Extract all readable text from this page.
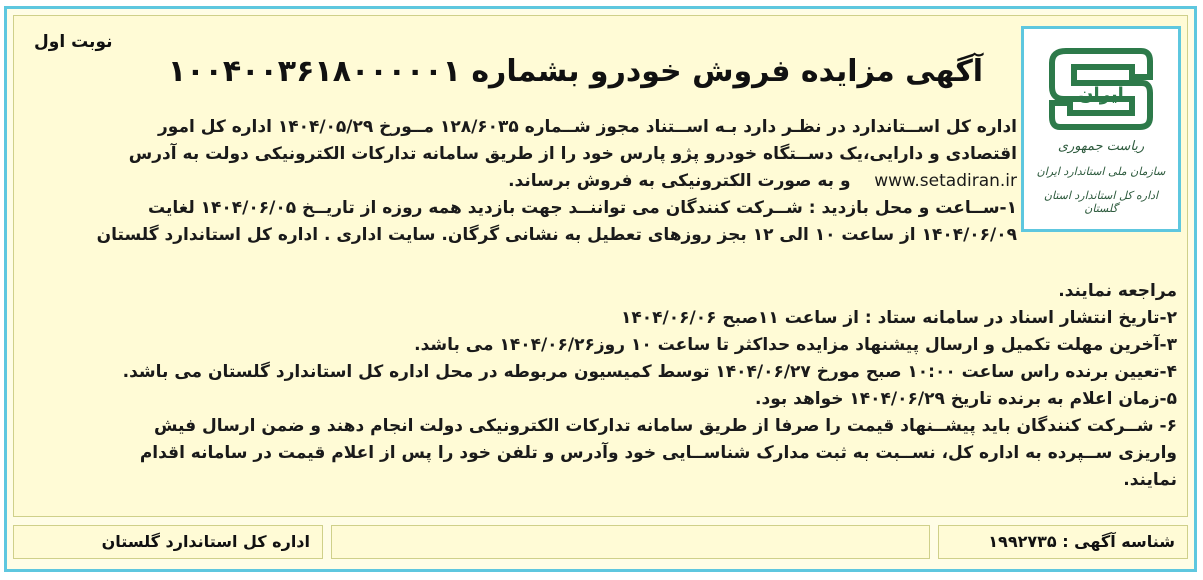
ایران
ریاست جمهوری
سازمان ملی استاندارد ایران
اداره کل استاندارد استان گلستان
نوبت اول
آگهی مزایده فروش خودرو بشماره ۱۰۰۴۰۰۳۶۱۸۰۰۰۰۰۱
اداره کل اســتاندارد در نظـر دارد بـه اســتناد مجوز شــماره ۱۲۸/۶۰۳۵ مــورخ ۱۴۰۴/۰۵/۲۹ اداره کل امور
اقتصادی و دارایی،یک دســتگاه خودرو پژو پارس خود را از طریق سامانه تدارکات الکترونیکی دولت به آدرس
www.setadiran.ir    و به صورت الکترونیکی به فروش برساند.
۱-ســاعت و محل بازدید : شــرکت کنندگان می تواننــد جهت بازدید همه روزه از تاریــخ ۱۴۰۴/۰۶/۰۵ لغایت
۱۴۰۴/۰۶/۰۹ از ساعت ۱۰ الی ۱۲ بجز روزهای تعطیل به نشانی گرگان. سایت اداری . اداره کل استاندارد گلستان
مراجعه نمایند.
۲-تاریخ انتشار اسناد در سامانه ستاد : از ساعت ۱۱صبح ۱۴۰۴/۰۶/۰۶
۳-آخرین مهلت تکمیل و ارسال پیشنهاد مزایده حداکثر تا ساعت ۱۰ روز۱۴۰۴/۰۶/۲۶ می باشد.
۴-تعیین برنده راس ساعت ۱۰:۰۰ صبح مورخ ۱۴۰۴/۰۶/۲۷ توسط کمیسیون مربوطه در محل اداره کل استاندارد گلستان می باشد.
۵-زمان اعلام به برنده تاریخ ۱۴۰۴/۰۶/۲۹ خواهد بود.
۶- شــرکت کنندگان باید پیشــنهاد قیمت را صرفا از طریق سامانه تدارکات الکترونیکی دولت انجام دهند و ضمن ارسال فیش
واریزی ســپرده به اداره کل، نســبت به ثبت مدارک شناســایی خود وآدرس و تلفن خود را پس از اعلام قیمت در سامانه اقدام
نمایند.
شناسه آگهی : ۱۹۹۲۷۳۵
اداره کل استاندارد گلستان
